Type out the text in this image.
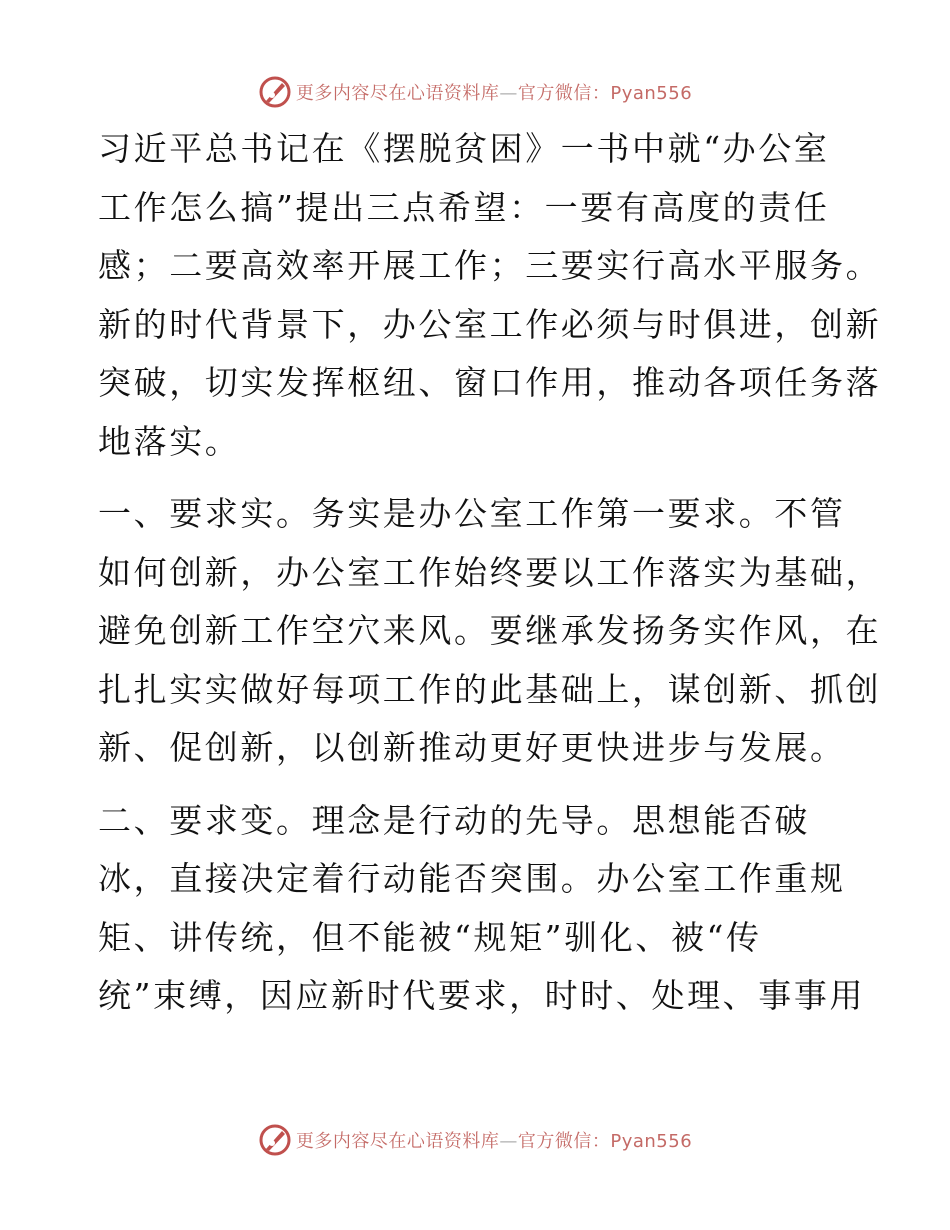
更多内容尽在心语资料库—官方微信：Pyan556
习近平总书记在《摆脱贫困》一书中就“办公室
工作怎么搞”提出三点希望：一要有高度的责任
感；二要高效率开展工作；三要实行高水平服务。
新的时代背景下，办公室工作必须与时俱进，创新
突破，切实发挥枢纽、窗口作用，推动各项任务落
地落实。
一、要求实。务实是办公室工作第一要求。不管
如何创新，办公室工作始终要以工作落实为基础，
避免创新工作空穴来风。要继承发扬务实作风，在
扎扎实实做好每项工作的此基础上，谋创新、抓创
新、促创新，以创新推动更好更快进步与发展。
二、要求变。理念是行动的先导。思想能否破
冰，直接决定着行动能否突围。办公室工作重规
矩、讲传统，但不能被“规矩”驯化、被“传
统”束缚，因应新时代要求，时时、处理、事事用
更多内容尽在心语资料库—官方微信：Pyan556
